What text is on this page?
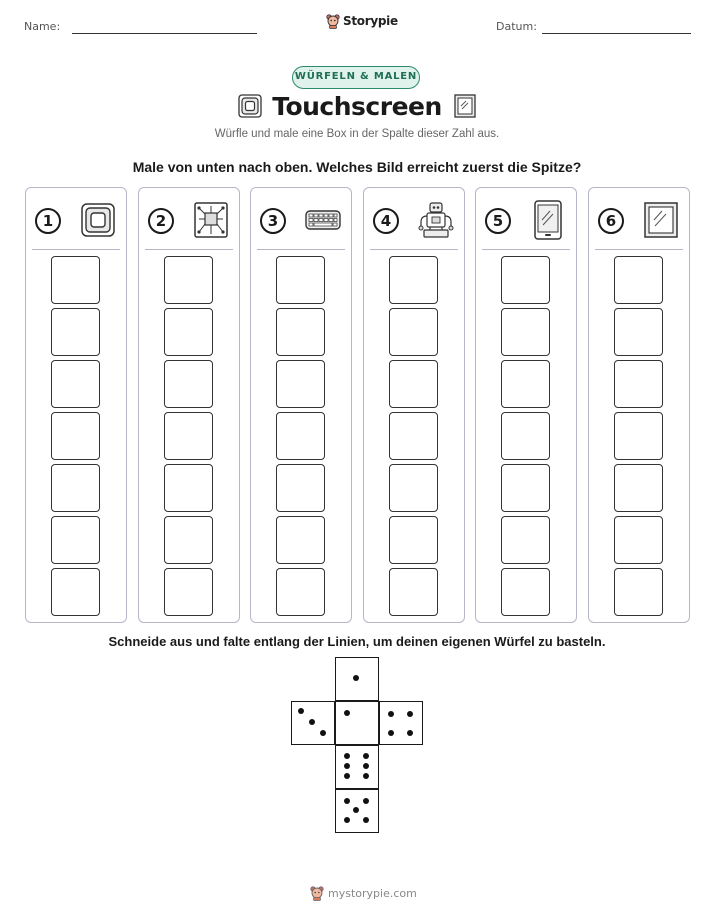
Name:	Storypie	Datum:
WÜRFELN & MALEN
Touchscreen
Würfle und male eine Box in der Spalte dieser Zahl aus.
Male von unten nach oben. Welches Bild erreicht zuerst die Spitze?
1	2	3	4	5	6
Schneide aus und falte entlang der Linien, um deinen eigenen Würfel zu basteln.
mystorypie.com
